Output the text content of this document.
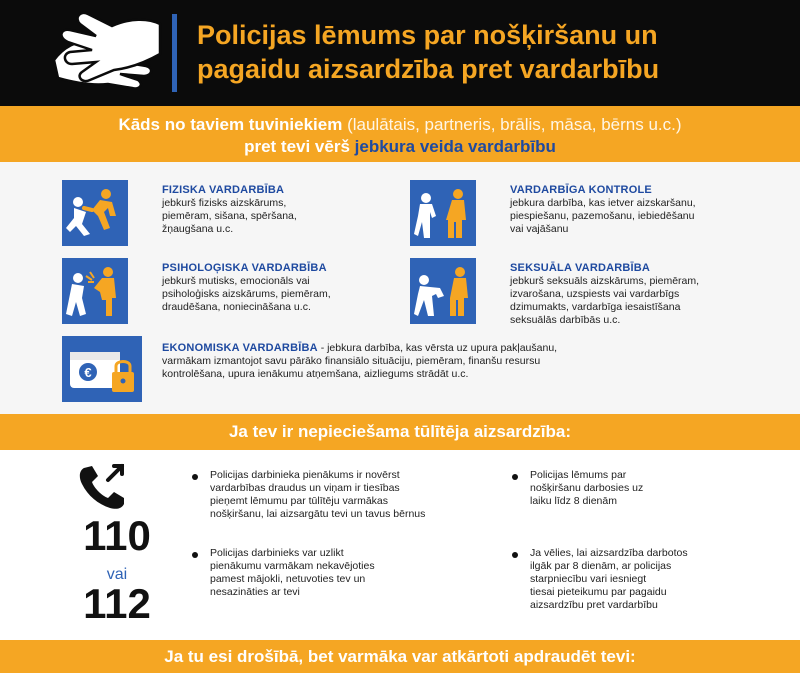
Policijas lēmums par nošķiršanu un
pagaidu aizsardzība pret vardarbību
Kāds no taviem tuviniekiem (laulātais, partneris, brālis, māsa, bērns u.c.)
pret tevi vērš jebkura veida vardarbību
FIZISKA VARDARBĪBA
jebkurš fizisks aizskārums,
piemēram, sišana, spēršana,
žņaugšana u.c.
VARDARBĪGA KONTROLE
jebkura darbība, kas ietver aizskaršanu,
piespiešanu, pazemošanu, iebiedēšanu
vai vajāšanu
PSIHOLOĢISKA VARDARBĪBA
jebkurš mutisks, emocionāls vai
psiholoģisks aizskārums, piemēram,
draudēšana, noniecināšana u.c.
SEKSUĀLA VARDARBĪBA
jebkurš seksuāls aizskārums, piemēram,
izvarošana, uzspiests vai vardarbīgs
dzimumakts, vardarbīga iesaistīšana
seksuālās darbībās u.c.
€
EKONOMISKA VARDARBĪBA - jebkura darbība, kas vērsta uz upura pakļaušanu,
varmākam izmantojot savu pārāko finansiālo situāciju, piemēram, finanšu resursu
kontrolēšana, upura ienākumu atņemšana, aizliegums strādāt u.c.
Ja tev ir nepieciešama tūlītēja aizsardzība:
110
vai
112
Policijas darbinieka pienākums ir novērst
vardarbības draudus un viņam ir tiesības
pieņemt lēmumu par tūlītēju varmākas
nošķiršanu, lai aizsargātu tevi un tavus bērnus
Policijas lēmums par
nošķiršanu darbosies uz
laiku līdz 8 dienām
Policijas darbinieks var uzlikt
pienākumu varmākam nekavējoties
pamest mājokli, netuvoties tev un
nesazināties ar tevi
Ja vēlies, lai aizsardzība darbotos
ilgāk par 8 dienām, ar policijas
starpniecību vari iesniegt
tiesai pieteikumu par pagaidu
aizsardzību pret vardarbību
Ja tu esi drošībā, bet varmāka var atkārtoti apdraudēt tevi:
